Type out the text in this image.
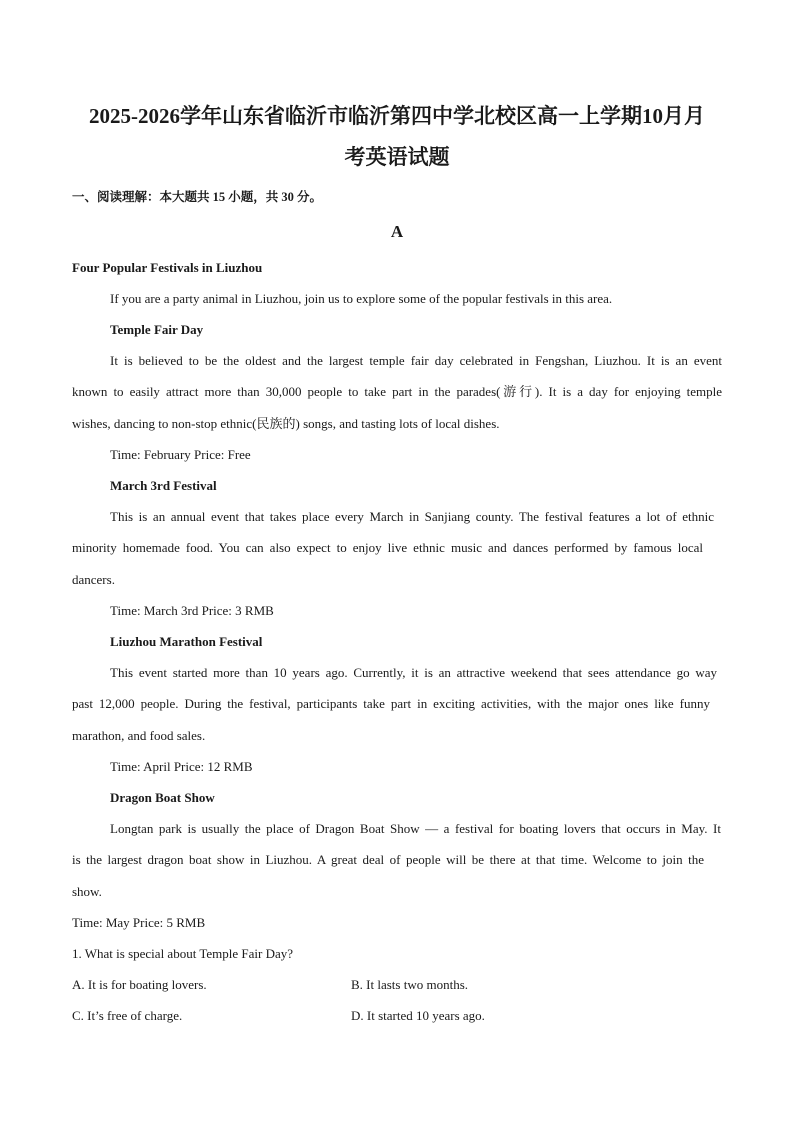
2025-2026学年山东省临沂市临沂第四中学北校区高一上学期10月月
考英语试题
一、阅读理解：本大题共 15 小题，共 30 分。
A
Four Popular Festivals in Liuzhou
If you are a party animal in Liuzhou, join us to explore some of the popular festivals in this area.
Temple Fair Day
It is believed to be the oldest and the largest temple fair day celebrated in Fengshan, Liuzhou. It is an event
known to easily attract more than 30,000 people to take part in the parades(游行). It is a day for enjoying temple
wishes, dancing to non-stop ethnic(民族的) songs, and tasting lots of local dishes.
Time: February Price: Free
March 3rd Festival
This is an annual event that takes place every March in Sanjiang county. The festival features a lot of ethnic
minority homemade food. You can also expect to enjoy live ethnic music and dances performed by famous local
dancers.
Time: March 3rd Price: 3 RMB
Liuzhou Marathon Festival
This event started more than 10 years ago. Currently, it is an attractive weekend that sees attendance go way
past 12,000 people. During the festival, participants take part in exciting activities, with the major ones like funny
marathon, and food sales.
Time: April Price: 12 RMB
Dragon Boat Show
Longtan park is usually the place of Dragon Boat Show — a festival for boating lovers that occurs in May. It
is the largest dragon boat show in Liuzhou. A great deal of people will be there at that time. Welcome to join the
show.
Time: May Price: 5 RMB
1. What is special about Temple Fair Day?
A. It is for boating lovers.	B. It lasts two months.
C. It’s free of charge.	D. It started 10 years ago.
